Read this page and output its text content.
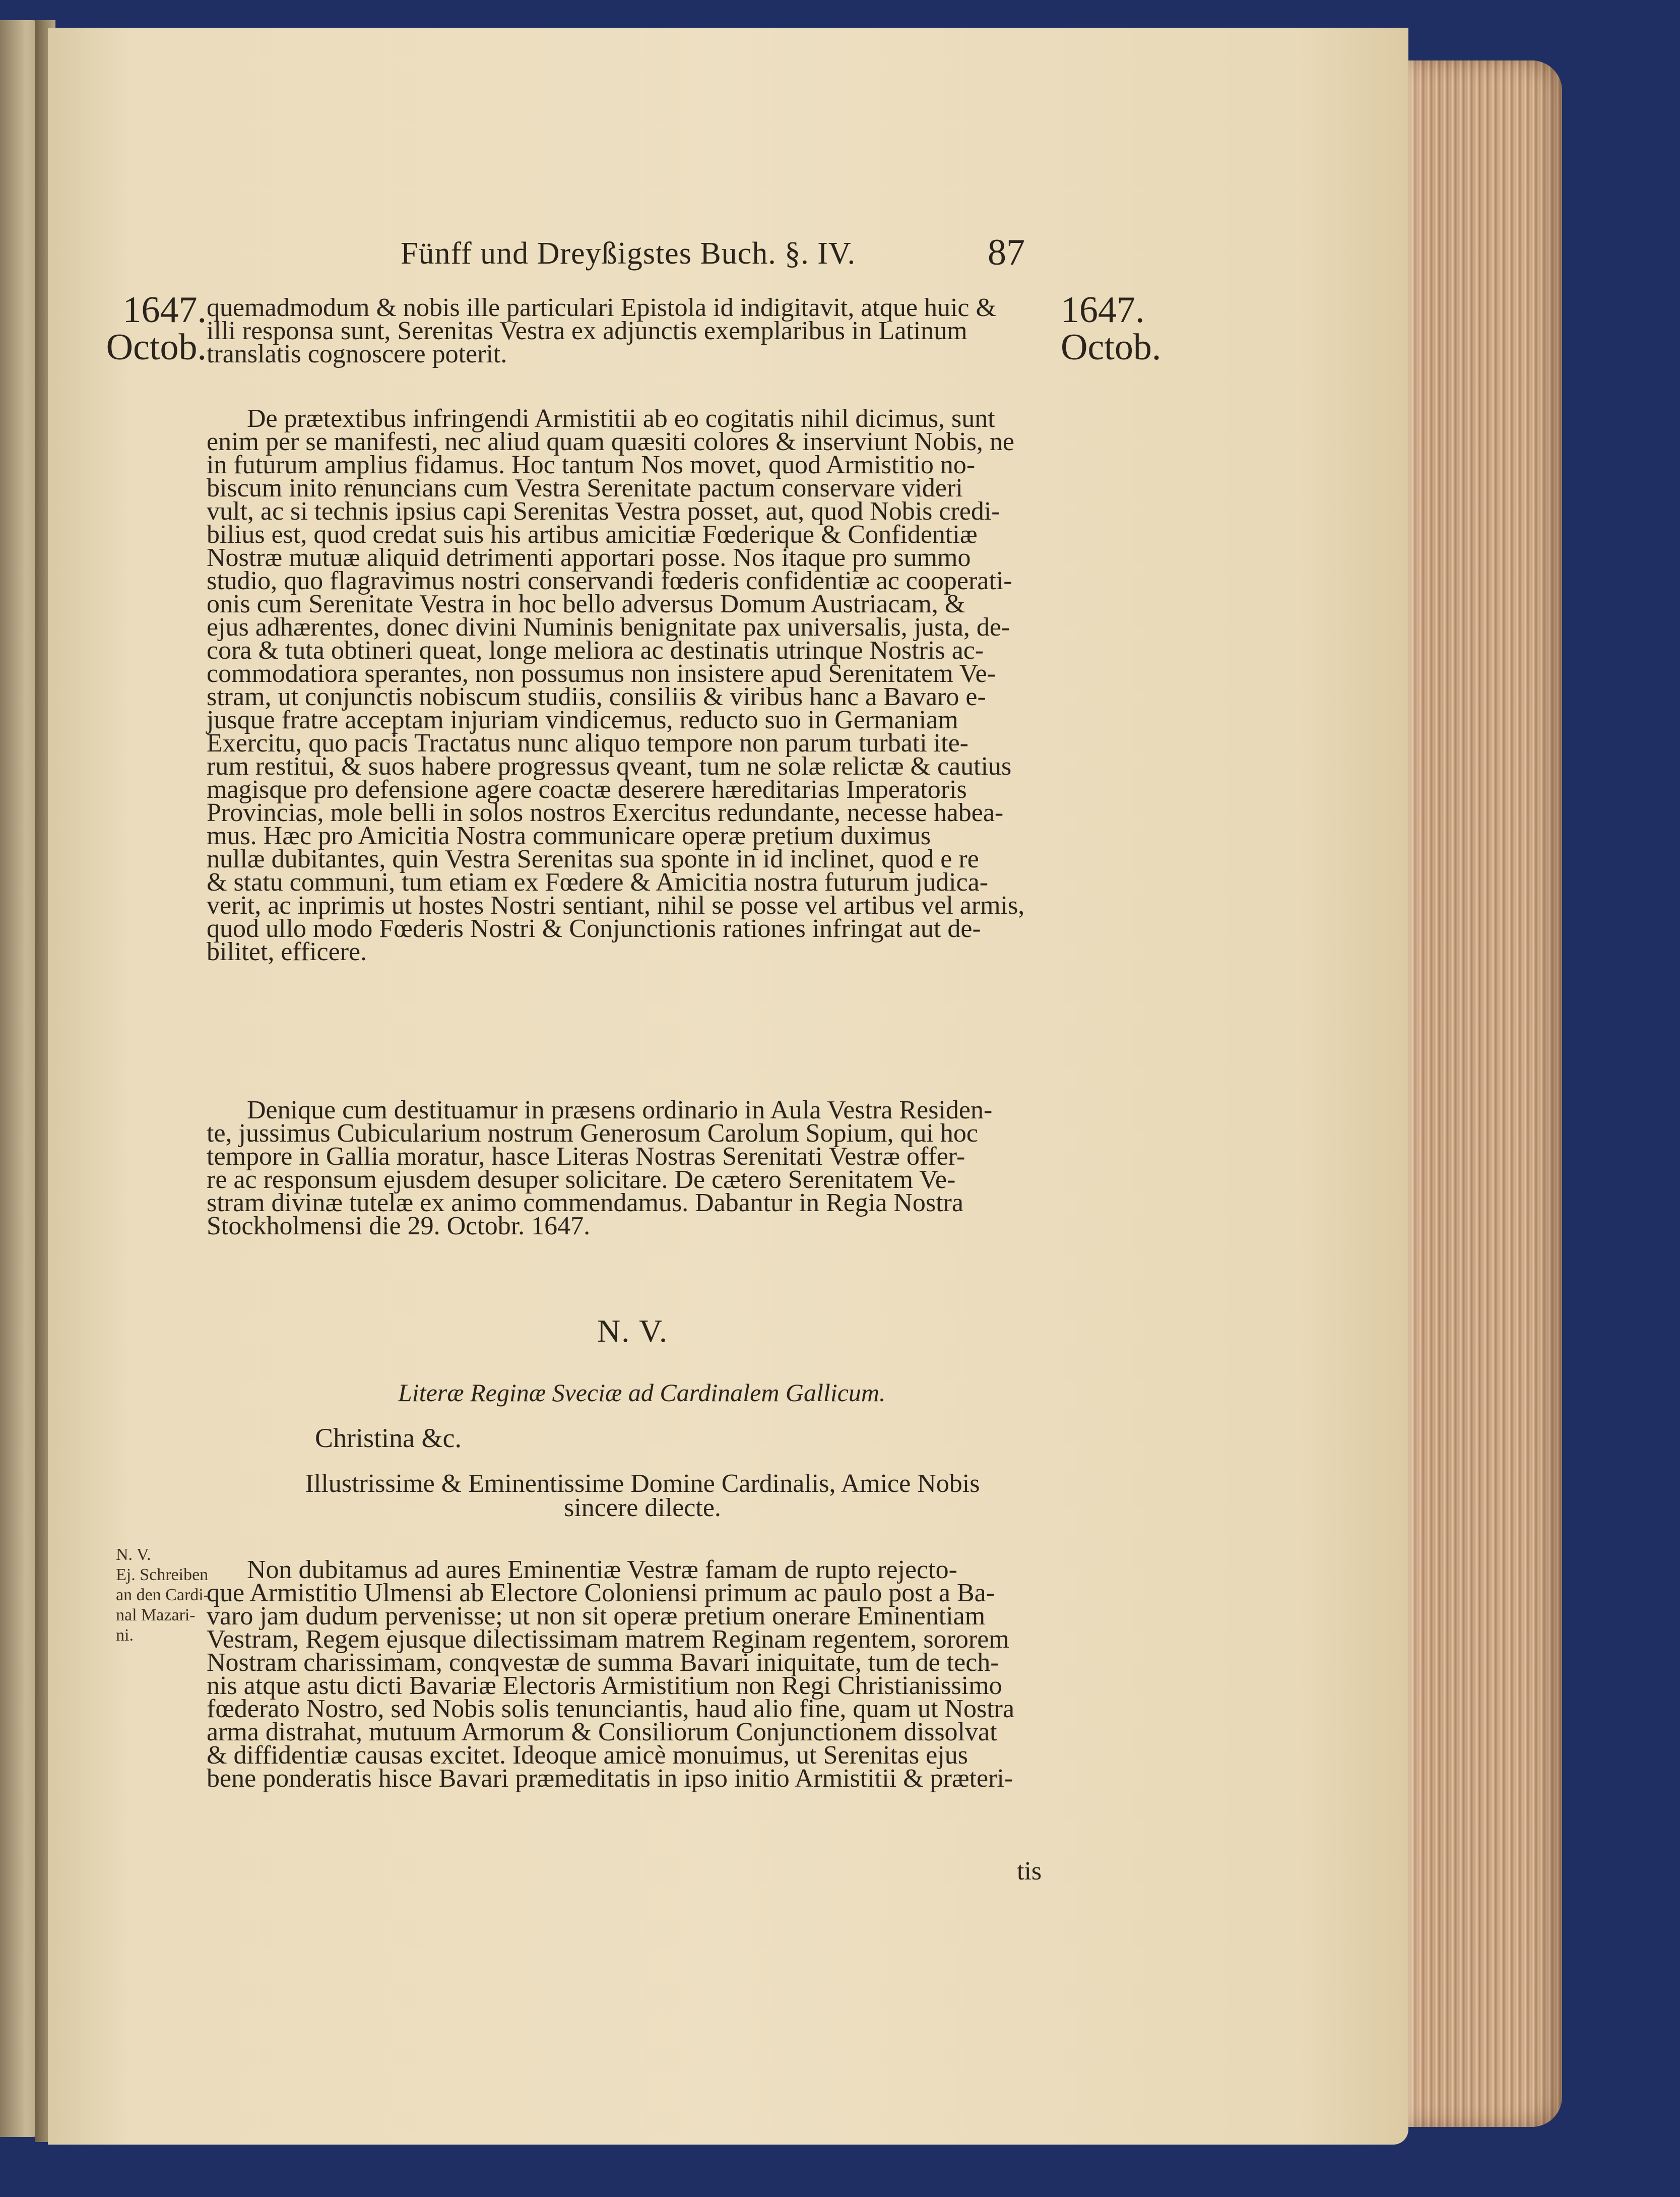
Fünff und Dreyßigstes Buch. §. IV.	87
1647.
Octob.
1647.
Octob.
quemadmodum & nobis ille particulari Epistola id indigitavit, atque huic &
illi responsa sunt, Serenitas Vestra ex adjunctis exemplaribus in Latinum
translatis cognoscere poterit.
De prætextibus infringendi Armistitii ab eo cogitatis nihil dicimus, sunt
enim per se manifesti, nec aliud quam quæsiti colores & inserviunt Nobis, ne
in futurum amplius fidamus. Hoc tantum Nos movet, quod Armistitio no-
biscum inito renuncians cum Vestra Serenitate pactum conservare videri
vult, ac si technis ipsius capi Serenitas Vestra posset, aut, quod Nobis credi-
bilius est, quod credat suis his artibus amicitiæ Fœderique & Confidentiæ
Nostræ mutuæ aliquid detrimenti apportari posse. Nos itaque pro summo
studio, quo flagravimus nostri conservandi fœderis confidentiæ ac cooperati-
onis cum Serenitate Vestra in hoc bello adversus Domum Austriacam, &
ejus adhærentes, donec divini Numinis benignitate pax universalis, justa, de-
cora & tuta obtineri queat, longe meliora ac destinatis utrinque Nostris ac-
commodatiora sperantes, non possumus non insistere apud Serenitatem Ve-
stram, ut conjunctis nobiscum studiis, consiliis & viribus hanc a Bavaro e-
jusque fratre acceptam injuriam vindicemus, reducto suo in Germaniam
Exercitu, quo pacis Tractatus nunc aliquo tempore non parum turbati ite-
rum restitui, & suos habere progressus qveant, tum ne solæ relictæ & cautius
magisque pro defensione agere coactæ deserere hæreditarias Imperatoris
Provincias, mole belli in solos nostros Exercitus redundante, necesse habea-
mus. Hæc pro Amicitia Nostra communicare operæ pretium duximus
nullæ dubitantes, quin Vestra Serenitas sua sponte in id inclinet, quod e re
& statu communi, tum etiam ex Fœdere & Amicitia nostra futurum judica-
verit, ac inprimis ut hostes Nostri sentiant, nihil se posse vel artibus vel armis,
quod ullo modo Fœderis Nostri & Conjunctionis rationes infringat aut de-
bilitet, efficere.
Denique cum destituamur in præsens ordinario in Aula Vestra Residen-
te, jussimus Cubicularium nostrum Generosum Carolum Sopium, qui hoc
tempore in Gallia moratur, hasce Literas Nostras Serenitati Vestræ offer-
re ac responsum ejusdem desuper solicitare. De cætero Serenitatem Ve-
stram divinæ tutelæ ex animo commendamus. Dabantur in Regia Nostra
Stockholmensi die 29. Octobr. 1647.
N. V.
Literæ Reginæ Sveciæ ad Cardinalem Gallicum.
Christina &c.
Illustrissime & Eminentissime Domine Cardinalis, Amice Nobis
sincere dilecte.
N. V.
Ej. Schreiben
an den Cardi-
nal Mazari-
ni.
Non dubitamus ad aures Eminentiæ Vestræ famam de rupto rejecto-
que Armistitio Ulmensi ab Electore Coloniensi primum ac paulo post a Ba-
varo jam dudum pervenisse; ut non sit operæ pretium onerare Eminentiam
Vestram, Regem ejusque dilectissimam matrem Reginam regentem, sororem
Nostram charissimam, conqvestæ de summa Bavari iniquitate, tum de tech-
nis atque astu dicti Bavariæ Electoris Armistitium non Regi Christianissimo
fœderato Nostro, sed Nobis solis tenunciantis, haud alio fine, quam ut Nostra
arma distrahat, mutuum Armorum & Consiliorum Conjunctionem dissolvat
& diffidentiæ causas excitet. Ideoque amicè monuimus, ut Serenitas ejus
bene ponderatis hisce Bavari præmeditatis in ipso initio Armistitii & præteri-
tis
